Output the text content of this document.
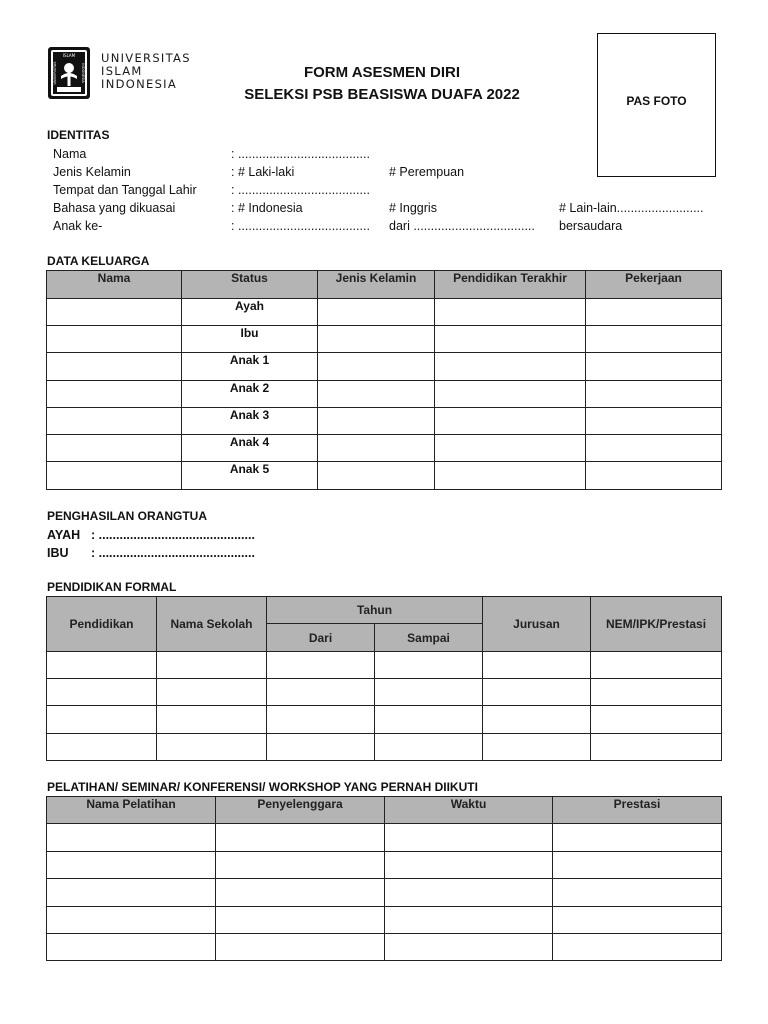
ISLAM
UNIVERSITAS	INDONESIA
UNIVERSITAS
ISLAM
INDONESIA
FORM ASESMEN DIRI
SELEKSI PSB BEASISWA DUAFA 2022	PAS FOTO
IDENTITAS
Nama	: ......................................
Jenis Kelamin	: # Laki-laki	# Perempuan
Tempat dan Tanggal Lahir	: ......................................
Bahasa yang dikuasai	: # Indonesia	# Inggris	# Lain-lain.........................
Anak ke-	: ...................................... dari ................................... bersaudara
DATA KELUARGA
Nama	Status	Jenis Kelamin	Pendidikan Terakhir	Pekerjaan
	Ayah			
	Ibu			
	Anak 1			
	Anak 2			
	Anak 3			
	Anak 4			
	Anak 5			
PENGHASILAN ORANGTUA
AYAH : .............................................
IBU : .............................................
PENDIDIKAN FORMAL
Pendidikan	Nama Sekolah	Tahun		Jurusan	NEM/IPK/Prestasi
		Dari	Sampai		

PELATIHAN/ SEMINAR/ KONFERENSI/ WORKSHOP YANG PERNAH DIIKUTI
Nama Pelatihan	Penyelenggara	Waktu	Prestasi
